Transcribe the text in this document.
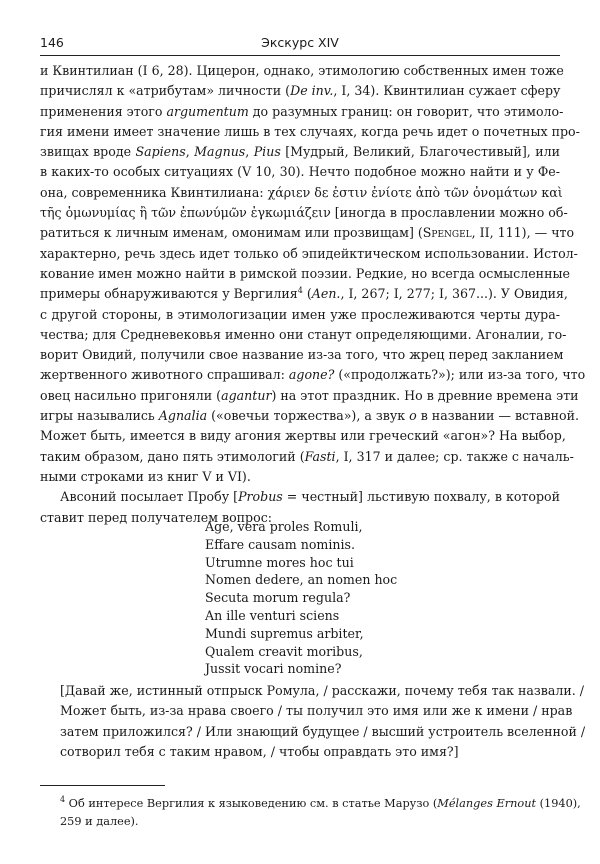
146	Экскурс XIV
и Квинтилиан (I 6, 28). Цицерон, однако, этимологию собственных имен тоже
причислял к «атрибутам» личности (De inv., I, 34). Квинтилиан сужает сферу
применения этого argumentum до разумных границ: он говорит, что этимоло-
гия имени имеет значение лишь в тех случаях, когда речь идет о почетных про-
звищах вроде Sapiens, Magnus, Pius [Мудрый, Великий, Благочестивый], или
в каких-то особых ситуациях (V 10, 30). Нечто подобное можно найти и у Фе-
она, современника Квинтилиана: χάριεν δε ἐστιν ἐνίοτε ἀπὸ τῶν ὀνομάτων καὶ
τῆς ὁμωνυμίας ἢ τῶν ἐπωνύμῶν ἐγκωμιάζειν [иногда в прославлении можно об-
ратиться к личным именам, омонимам или прозвищам] (Spengel, II, 111), — что
характерно, речь здесь идет только об эпидейктическом использовании. Истол-
кование имен можно найти в римской поэзии. Редкие, но всегда осмысленные
примеры обнаруживаются у Вергилия$^4$ (Aen., I, 267; I, 277; I, 367...). У Овидия,
с другой стороны, в этимологизации имен уже прослеживаются черты дура-
чества; для Средневековья именно они станут определяющими. Агоналии, го-
ворит Овидий, получили свое название из-за того, что жрец перед закланием
жертвенного животного спрашивал: agone? («продолжать?»); или из-за того, что
овец насильно пригоняли (agantur) на этот праздник. Но в древние времена эти
игры назывались Agnalia («овечьи торжества»), а звук o в названии — вставной.
Может быть, имеется в виду агония жертвы или греческий «агон»? На выбор,
таким образом, дано пять этимологий (Fasti, I, 317 и далее; ср. также с началь-
ными строками из книг V и VI).
Авсоний посылает Пробу [Probus = честный] льстивую похвалу, в которой
ставит перед получателем вопрос:
Age, vera proles Romuli,
Effare causam nominis.
Utrumne mores hoc tui
Nomen dedere, an nomen hoc
Secuta morum regula?
An ille venturi sciens
Mundi supremus arbiter,
Qualem creavit moribus,
Jussit vocari nomine?
[Давай же, истинный отпрыск Ромула, / расскажи, почему тебя так назвали. /
Может быть, из-за нрава своего / ты получил это имя или же к имени / нрав
затем приложился? / Или знающий будущее / высший устроитель вселенной /
сотворил тебя с таким нравом, / чтобы оправдать это имя?]
$^4$ Об интересе Вергилия к языковедению см. в статье Марузо (Mélanges Ernout (1940),
259 и далее).
